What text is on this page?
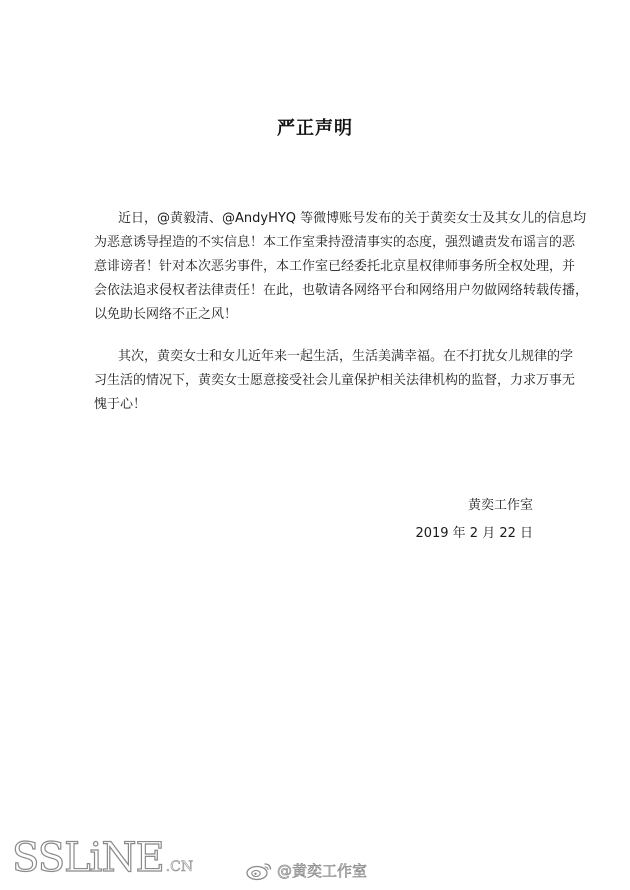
严正声明
近日，@黄毅清、@AndyHYQ 等微博账号发布的关于黄奕女士及其女儿的信息均
为恶意诱导捏造的不实信息！本工作室秉持澄清事实的态度，强烈谴责发布谣言的恶
意诽谤者！针对本次恶劣事件，本工作室已经委托北京星权律师事务所全权处理，并
会依法追求侵权者法律责任！在此，也敬请各网络平台和网络用户勿做网络转载传播，
以免助长网络不正之风！
其次，黄奕女士和女儿近年来一起生活，生活美满幸福。在不打扰女儿规律的学
习生活的情况下，黄奕女士愿意接受社会儿童保护相关法律机构的监督，力求万事无
愧于心！
黄奕工作室
2019 年 2 月 22 日
SSLiNE .CN	@黄奕工作室
